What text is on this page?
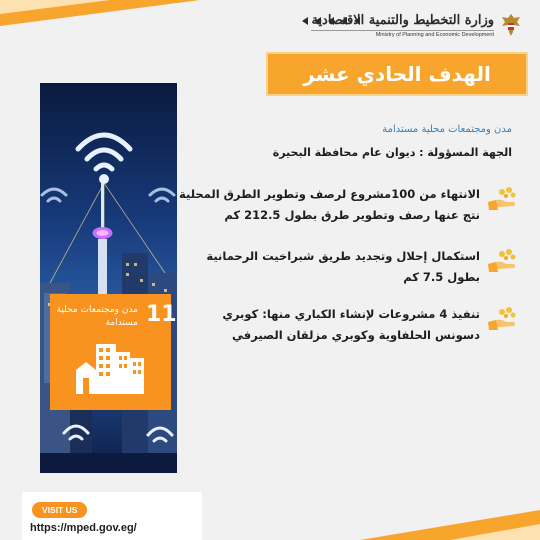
وزارة التخطيط والتنمية الاقتصادية
Ministry of Planning and Economic Development
الهدف الحادي عشر
11
مدن ومجتمعات محلية مستدامة
مدن ومجتمعات محلية مستدامة
الجهة المسؤولة : ديوان عام محافظة البحيرة
الانتهاء من 100مشروع لرصف وتطوير الطرق المحلية نتج عنها رصف وتطوير طرق بطول 212.5 كم
استكمال إحلال وتجديد طريق شبراخيت الرحمانية بطول 7.5 كم
تنفيذ 4 مشروعات لإنشاء الكباري منها: كوبري دسونس الحلفاوية وكوبري مزلقان الصيرفي
VISIT US
https://mped.gov.eg/
